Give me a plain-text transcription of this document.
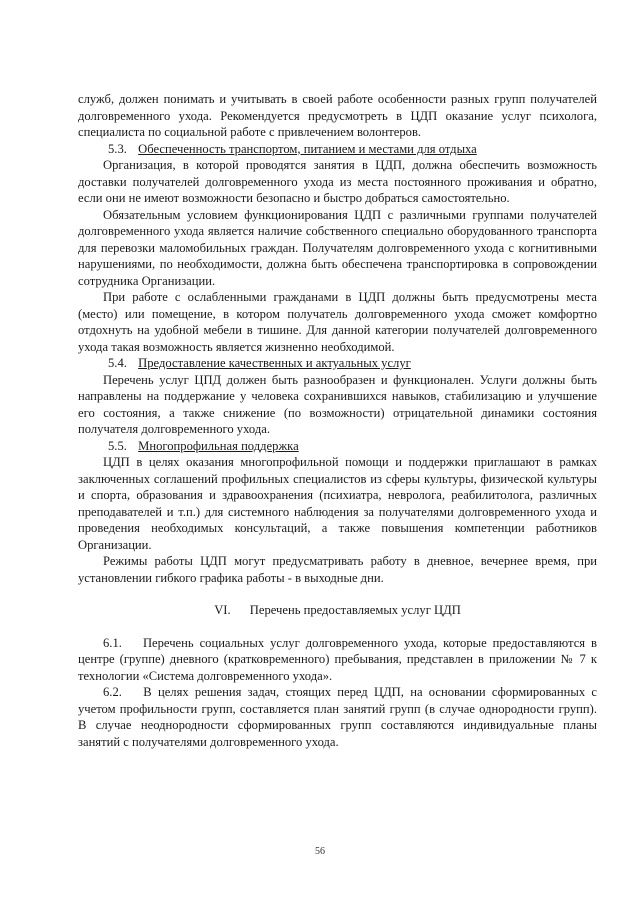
служб, должен понимать и учитывать в своей работе особенности разных групп получателей долговременного ухода. Рекомендуется предусмотреть в ЦДП оказание услуг психолога, специалиста по социальной работе с привлечением волонтеров.

5.3. Обеспеченность транспортом, питанием и местами для отдыха

Организация, в которой проводятся занятия в ЦДП, должна обеспечить возможность доставки получателей долговременного ухода из места постоянного проживания и обратно, если они не имеют возможности безопасно и быстро добраться самостоятельно.

Обязательным условием функционирования ЦДП с различными группами получателей долговременного ухода является наличие собственного специально оборудованного транспорта для перевозки маломобильных граждан. Получателям долговременного ухода с когнитивными нарушениями, по необходимости, должна быть обеспечена транспортировка в сопровождении сотрудника Организации.

При работе с ослабленными гражданами в ЦДП должны быть предусмотрены места (место) или помещение, в котором получатель долговременного ухода сможет комфортно отдохнуть на удобной мебели в тишине. Для данной категории получателей долговременного ухода такая возможность является жизненно необходимой.

5.4. Предоставление качественных и актуальных услуг

Перечень услуг ЦПД должен быть разнообразен и функционален. Услуги должны быть направлены на поддержание у человека сохранившихся навыков, стабилизацию и улучшение его состояния, а также снижение (по возможности) отрицательной динамики состояния получателя долговременного ухода.

5.5. Многопрофильная поддержка

ЦДП в целях оказания многопрофильной помощи и поддержки приглашают в рамках заключенных соглашений профильных специалистов из сферы культуры, физической культуры и спорта, образования и здравоохранения (психиатра, невролога, реабилитолога, различных преподавателей и т.п.) для системного наблюдения за получателями долговременного ухода и проведения необходимых консультаций, а также повышения компетенции работников Организации.

Режимы работы ЦДП могут предусматривать работу в дневное, вечернее время, при установлении гибкого графика работы - в выходные дни.

VI. Перечень предоставляемых услуг ЦДП

6.1. Перечень социальных услуг долговременного ухода, которые предоставляются в центре (группе) дневного (кратковременного) пребывания, представлен в приложении № 7 к технологии «Система долговременного ухода».

6.2. В целях решения задач, стоящих перед ЦДП, на основании сформированных с учетом профильности групп, составляется план занятий групп (в случае однородности групп). В случае неоднородности сформированных групп составляются индивидуальные планы занятий с получателями долговременного ухода.

56
